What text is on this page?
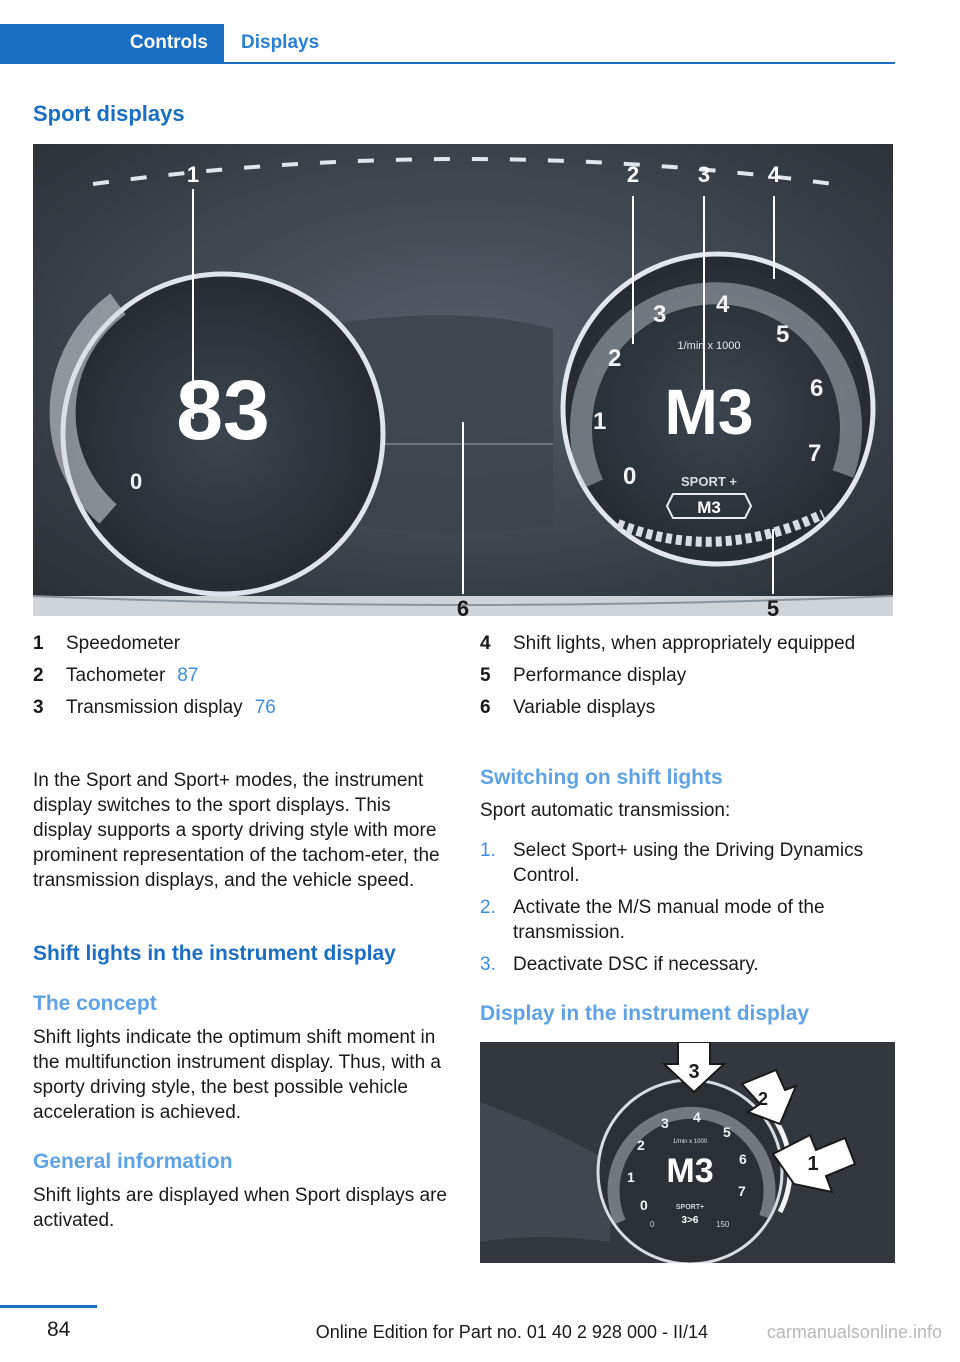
Controls	Displays
Sport displays
0
83
0
1
2
3 4
5
6
7
1/min x 1000
M3
SPORT +
M3
1	2	3	4
5
6
1	Speedometer
2	Tachometer 87
3	Transmission display 76
4	Shift lights, when appropriately equipped
5	Performance display
6	Variable displays

In the Sport and Sport+ modes, the instrument display switches to the sport displays. This display supports a sporty driving style with more prominent representation of the tachom‐eter, the transmission displays, and the vehicle speed.

Shift lights in the instrument display
The concept

Shift lights indicate the optimum shift moment in the multifunction instrument display. Thus, with a sporty driving style, the best possible vehicle acceleration is achieved.

General information

Shift lights are displayed when Sport displays are activated.

Switching on shift lights

Sport automatic transmission:

1. Select Sport+ using the Driving Dynamics Control.
2. Activate the M/S manual mode of the transmission.
3. Deactivate DSC if necessary.
Display in the instrument display
0
1
2
3 4
5
6
7
1/min x 1000
M3
SPORT+
3>6
0	150
3
2
1
84	Online Edition for Part no. 01 40 2 928 000 - II/14	carmanualsonline.info
